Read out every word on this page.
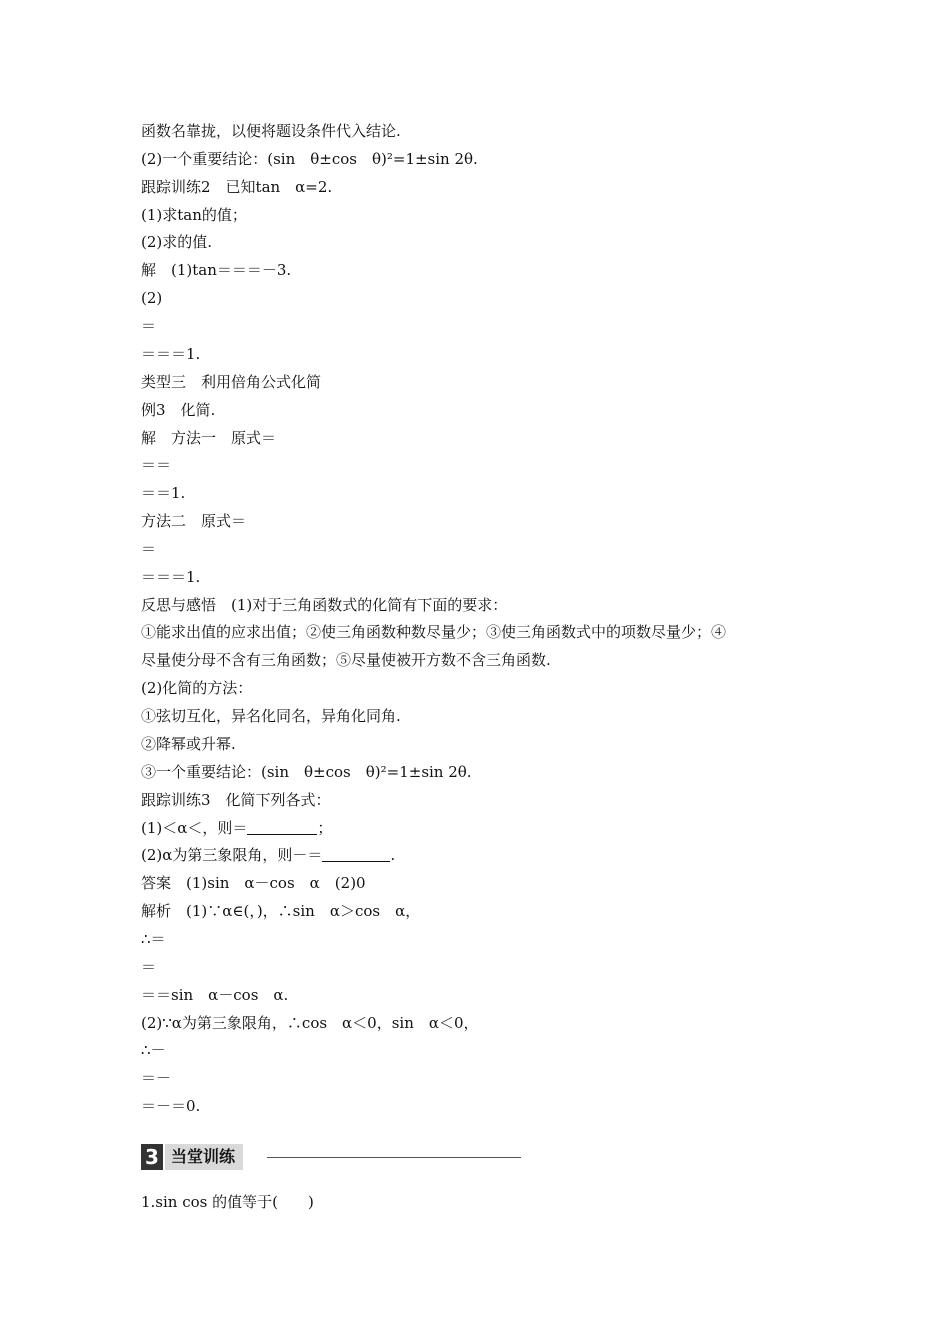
函数名靠拢，以便将题设条件代入结论.

(2)一个重要结论：(sin　θ±cos　θ)²=1±sin 2θ.

跟踪训练2　已知tan　α=2.

(1)求tan的值；

(2)求的值.

解　(1)tan＝＝＝－3.

(2)

＝

＝＝＝1.

类型三　利用倍角公式化简

例3　化简.

解　方法一　原式＝

＝＝

＝＝1.

方法二　原式＝

＝

＝＝＝1.

反思与感悟　(1)对于三角函数式的化简有下面的要求：

①能求出值的应求出值；②使三角函数种数尽量少；③使三角函数式中的项数尽量少；④

尽量使分母不含有三角函数；⑤尽量使被开方数不含三角函数.

(2)化简的方法：

①弦切互化，异名化同名，异角化同角.

②降幂或升幂.

③一个重要结论：(sin　θ±cos　θ)²=1±sin 2θ.

跟踪训练3　化简下列各式：

(1)＜α＜，则＝	；

(2)α为第三象限角，则－＝	.

答案　(1)sin　α－cos　α　(2)0

解析　(1)∵α∈(，)，∴sin　α＞cos　α，

∴＝

＝

＝＝sin　α－cos　α.

(2)∵α为第三象限角，∴cos　α＜0，sin　α＜0，

∴－

＝－

＝－＝0.

3 当堂训练

1.sin cos 的值等于(　　)
